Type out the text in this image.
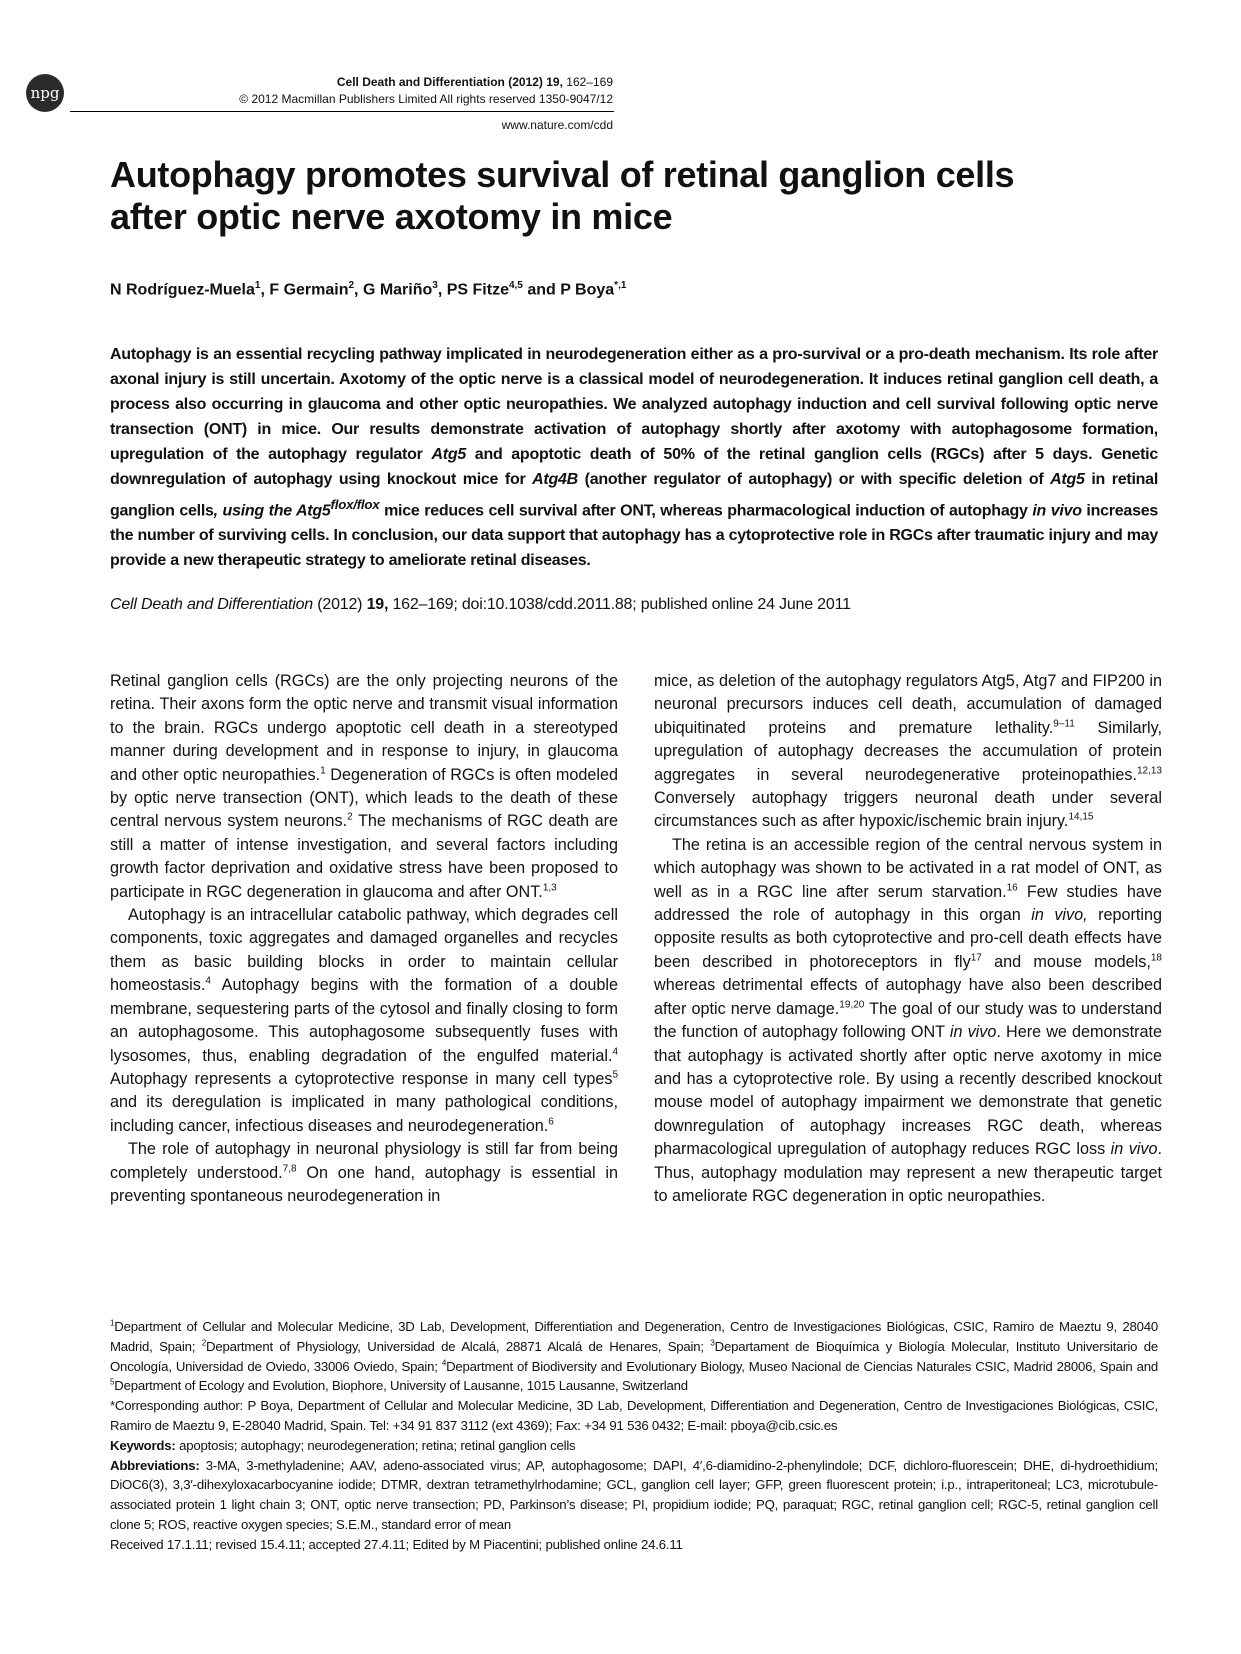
npg
Cell Death and Differentiation (2012) 19, 162–169
© 2012 Macmillan Publishers Limited All rights reserved 1350-9047/12
www.nature.com/cdd
Autophagy promotes survival of retinal ganglion cells
after optic nerve axotomy in mice

N Rodríguez-Muela$^1$, F Germain$^2$, G Mariño$^3$, PS Fitze$^{4,5}$ and P Boya$^{*,1}$

Autophagy is an essential recycling pathway implicated in neurodegeneration either as a pro-survival or a pro-death mechanism. Its role after axonal injury is still uncertain. Axotomy of the optic nerve is a classical model of neurodegeneration. It induces retinal ganglion cell death, a process also occurring in glaucoma and other optic neuropathies. We analyzed autophagy induction and cell survival following optic nerve transection (ONT) in mice. Our results demonstrate activation of autophagy shortly after axotomy with autophagosome formation, upregulation of the autophagy regulator Atg5 and apoptotic death of 50% of the retinal ganglion cells (RGCs) after 5 days. Genetic downregulation of autophagy using knockout mice for Atg4B (another regulator of autophagy) or with specific deletion of Atg5 in retinal ganglion cells, using the $Atg5^{flox/flox}$ mice reduces cell survival after ONT, whereas pharmacological induction of autophagy in vivo increases the number of surviving cells. In conclusion, our data support that autophagy has a cytoprotective role in RGCs after traumatic injury and may provide a new therapeutic strategy to ameliorate retinal diseases.

Cell Death and Differentiation (2012) 19, 162–169; doi:10.1038/cdd.2011.88; published online 24 June 2011

Retinal ganglion cells (RGCs) are the only projecting neurons of the retina. Their axons form the optic nerve and transmit visual information to the brain. RGCs undergo apoptotic cell death in a stereotyped manner during development and in response to injury, in glaucoma and other optic neuropathies.$^1$ Degeneration of RGCs is often modeled by optic nerve transection (ONT), which leads to the death of these central nervous system neurons.$^2$ The mechanisms of RGC death are still a matter of intense investigation, and several factors including growth factor deprivation and oxidative stress have been proposed to participate in RGC degeneration in glaucoma and after ONT.$^{1,3}$

Autophagy is an intracellular catabolic pathway, which degrades cell components, toxic aggregates and damaged organelles and recycles them as basic building blocks in order to maintain cellular homeostasis.$^4$ Autophagy begins with the formation of a double membrane, sequestering parts of the cytosol and finally closing to form an autophagosome. This autophagosome subsequently fuses with lysosomes, thus, enabling degradation of the engulfed material.$^4$ Autophagy represents a cytoprotective response in many cell types$^5$ and its deregulation is implicated in many pathological conditions, including cancer, infectious diseases and neurodegeneration.$^6$

The role of autophagy in neuronal physiology is still far from being completely understood.$^{7,8}$ On one hand, autophagy is essential in preventing spontaneous neurodegeneration in

mice, as deletion of the autophagy regulators Atg5, Atg7 and FIP200 in neuronal precursors induces cell death, accumulation of damaged ubiquitinated proteins and premature lethality.$^{9-11}$ Similarly, upregulation of autophagy decreases the accumulation of protein aggregates in several neurodegenerative proteinopathies.$^{12,13}$ Conversely autophagy triggers neuronal death under several circumstances such as after hypoxic/ischemic brain injury.$^{14,15}$

The retina is an accessible region of the central nervous system in which autophagy was shown to be activated in a rat model of ONT, as well as in a RGC line after serum starvation.$^{16}$ Few studies have addressed the role of autophagy in this organ in vivo, reporting opposite results as both cytoprotective and pro-cell death effects have been described in photoreceptors in fly$^{17}$ and mouse models,$^{18}$ whereas detrimental effects of autophagy have also been described after optic nerve damage.$^{19,20}$ The goal of our study was to understand the function of autophagy following ONT in vivo. Here we demonstrate that autophagy is activated shortly after optic nerve axotomy in mice and has a cytoprotective role. By using a recently described knockout mouse model of autophagy impairment we demonstrate that genetic downregulation of autophagy increases RGC death, whereas pharmacological upregulation of autophagy reduces RGC loss in vivo. Thus, autophagy modulation may represent a new therapeutic target to ameliorate RGC degeneration in optic neuropathies.

$^1$Department of Cellular and Molecular Medicine, 3D Lab, Development, Differentiation and Degeneration, Centro de Investigaciones Biológicas, CSIC, Ramiro de Maeztu 9, 28040 Madrid, Spain; $^2$Department of Physiology, Universidad de Alcalá, 28871 Alcalá de Henares, Spain; $^3$Departament de Bioquímica y Biología Molecular, Instituto Universitario de Oncología, Universidad de Oviedo, 33006 Oviedo, Spain; $^4$Department of Biodiversity and Evolutionary Biology, Museo Nacional de Ciencias Naturales CSIC, Madrid 28006, Spain and $^5$Department of Ecology and Evolution, Biophore, University of Lausanne, 1015 Lausanne, Switzerland

*Corresponding author: P Boya, Department of Cellular and Molecular Medicine, 3D Lab, Development, Differentiation and Degeneration, Centro de Investigaciones Biológicas, CSIC, Ramiro de Maeztu 9, E-28040 Madrid, Spain. Tel: +34 91 837 3112 (ext 4369); Fax: +34 91 536 0432; E-mail: pboya@cib.csic.es

Keywords: apoptosis; autophagy; neurodegeneration; retina; retinal ganglion cells

Abbreviations: 3-MA, 3-methyladenine; AAV, adeno-associated virus; AP, autophagosome; DAPI, 4′,6-diamidino-2-phenylindole; DCF, dichloro-fluorescein; DHE, di-hydroethidium; DiOC6(3), 3,3′-dihexyloxacarbocyanine iodide; DTMR, dextran tetramethylrhodamine; GCL, ganglion cell layer; GFP, green fluorescent protein; i.p., intraperitoneal; LC3, microtubule-associated protein 1 light chain 3; ONT, optic nerve transection; PD, Parkinson’s disease; PI, propidium iodide; PQ, paraquat; RGC, retinal ganglion cell; RGC-5, retinal ganglion cell clone 5; ROS, reactive oxygen species; S.E.M., standard error of mean

Received 17.1.11; revised 15.4.11; accepted 27.4.11; Edited by M Piacentini; published online 24.6.11
